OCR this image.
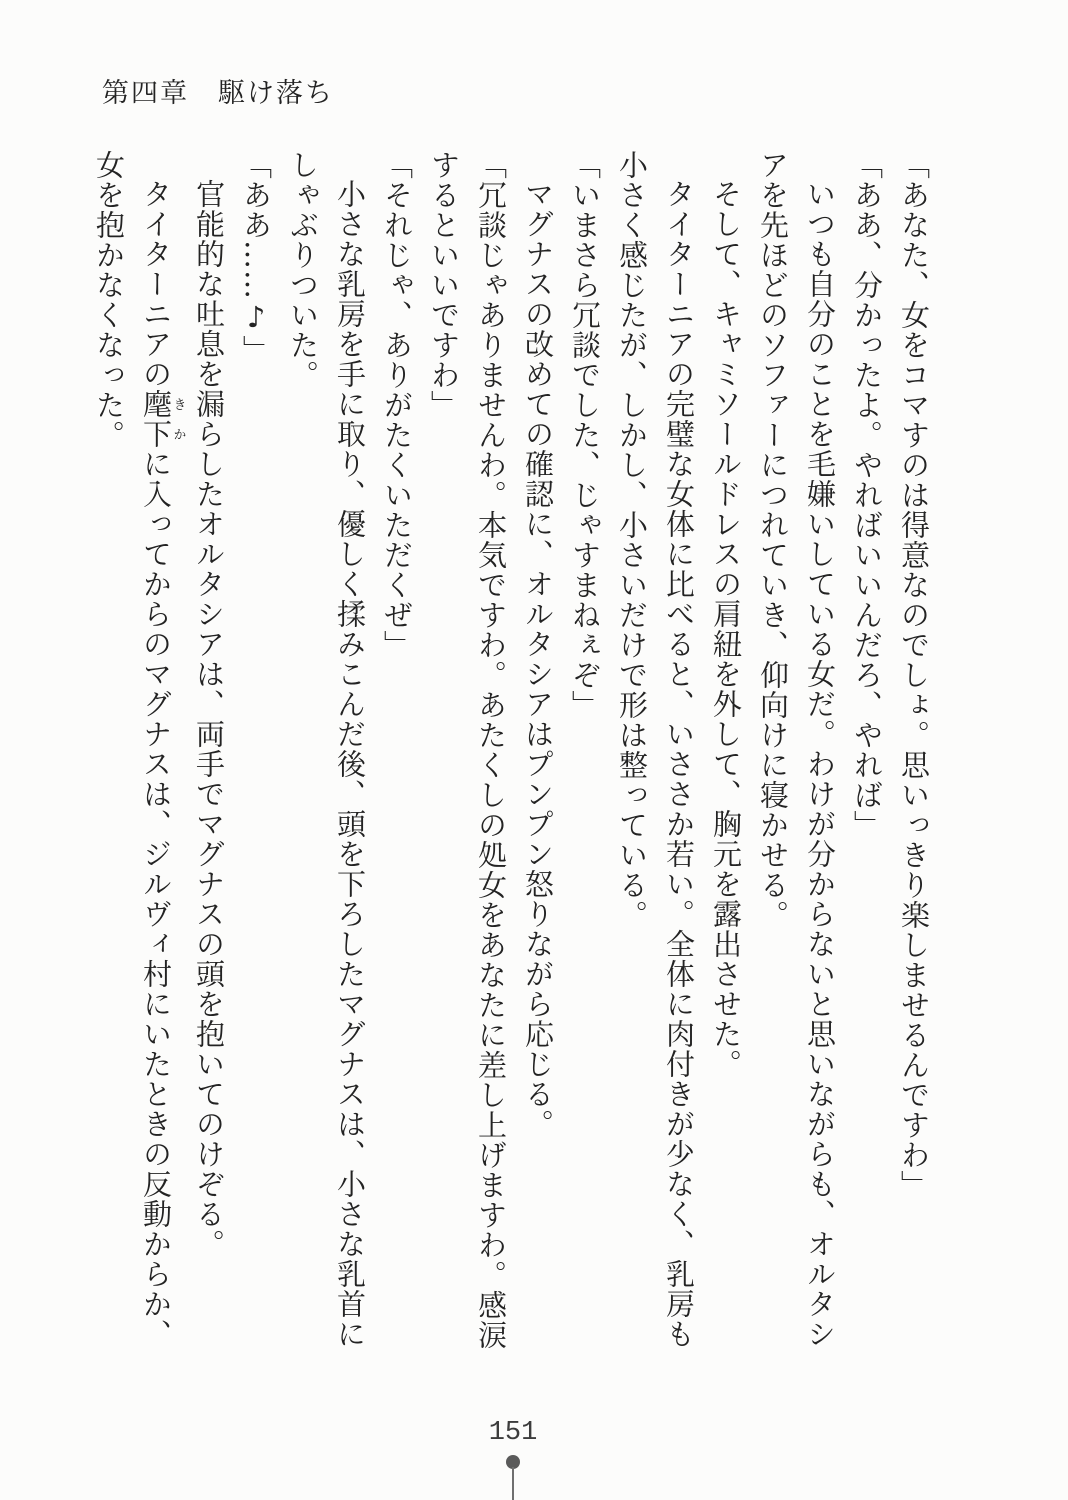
第四章　駆け落ち

「あなた、女をコマすのは得意なのでしょ。思いっきり楽しませるんですわ」

「ああ、分かったよ。やればいいんだろ、やれば」

いつも自分のことを毛嫌いしている女だ。わけが分からないと思いながらも、オルタシアを先ほどのソファーにつれていき、仰向けに寝かせる。

そして、キャミソールドレスの肩紐を外して、胸元を露出させた。

タイターニアの完璧な女体に比べると、いささか若い。全体に肉付きが少なく、乳房も小さく感じたが、しかし、小さいだけで形は整っている。

「いまさら冗談でした、じゃすまねぇぞ」

マグナスの改めての確認に、オルタシアはプンプン怒りながら応じる。

「冗談じゃありませんわ。本気ですわ。あたくしの処女をあなたに差し上げますわ。感涙するといいですわ」

「それじゃ、ありがたくいただくぜ」

小さな乳房を手に取り、優しく揉みこんだ後、頭を下ろしたマグナスは、小さな乳首にしゃぶりついた。

「ああ……♪」

官能的な吐息を漏らしたオルタシアは、両手でマグナスの頭を抱いてのけぞる。

タイターニアの麾下きかに入ってからのマグナスは、ジルヴィ村にいたときの反動からか、女を抱かなくなった。

151
